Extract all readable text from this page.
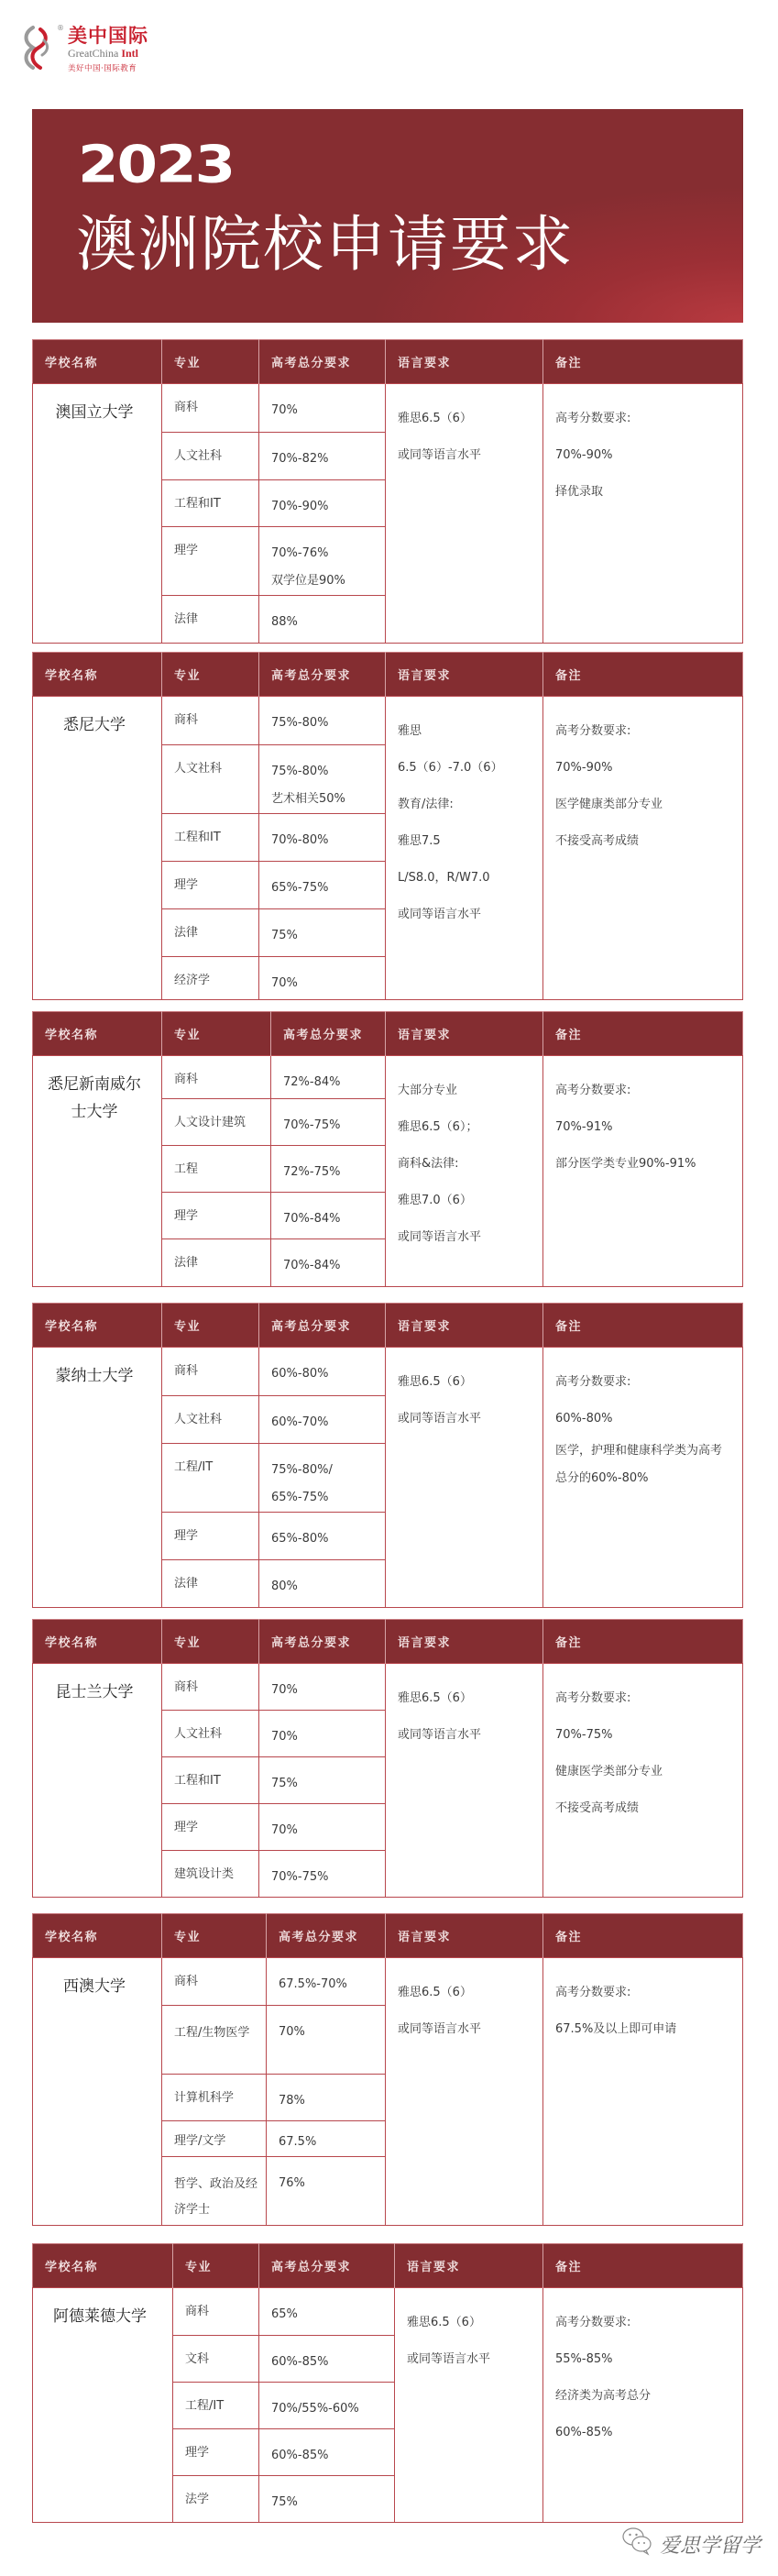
® 美中国际
GreatChina Intl
美好中国·国际教育
2023
澳洲院校申请要求
学校名称	专业	高考总分要求	语言要求	备注
澳国立大学	商科	70%	雅思6.5（6）
或同等语言水平	高考分数要求:
70%-90%
择优录取

	人文社科	70%-82%		

	工程和IT	70%-90%		

	理学	70%-76%
双学位是90%		

	法律	88%		
学校名称	专业	高考总分要求	语言要求	备注
悉尼大学	商科	75%-80%

雅思
6.5（6）-7.0（6）
教育/法律:
雅思7.5
L/S8.0，R/W7.0
或同等语言水平

高考分数要求:
70%-90%
医学健康类部分专业
不接受高考成绩

	人文社科	75%-80%
艺术相关50%		

	工程和IT	70%-80%		

	理学	65%-75%		

	法律	75%		

	经济学	70%		
学校名称	专业	高考总分要求	语言要求	备注

悉尼新南威尔
士大学	商科	72%-84%	大部分专业
雅思6.5（6）；
商科&法律:
雅思7.0（6）
或同等语言水平	高考分数要求:
70%-91%
部分医学类专业90%-91%

	人文设计建筑	70%-75%		

	工程	72%-75%		

	理学	70%-84%		

	法律	70%-84%		
学校名称	专业	高考总分要求	语言要求	备注
蒙纳士大学	商科	60%-80%	雅思6.5（6）
或同等语言水平	高考分数要求:
60%-80%
医学，护理和健康科学类为高考总分的60%-80%

	人文社科	60%-70%		

	工程/IT	75%-80%/
65%-75%		

	理学	65%-80%		

	法律	80%		
学校名称	专业	高考总分要求	语言要求	备注
昆士兰大学	商科	70%	雅思6.5（6）
或同等语言水平	高考分数要求:
70%-75%
健康医学类部分专业
不接受高考成绩

	人文社科	70%		

	工程和IT	75%		

	理学	70%		

	建筑设计类	70%-75%		
学校名称	专业	高考总分要求	语言要求	备注
西澳大学	商科	67.5%-70%	雅思6.5（6）
或同等语言水平	高考分数要求:
67.5%及以上即可申请

	工程/生物医学	70%		

	计算机科学	78%		

	理学/文学	67.5%		

	哲学、政治及经济学士	76%		
学校名称	专业	高考总分要求	语言要求	备注
阿德莱德大学	商科	65%	雅思6.5（6）
或同等语言水平	高考分数要求:
55%-85%
经济类为高考总分
60%-85%

	文科	60%-85%		

	工程/IT	70%/55%-60%		

	理学	60%-85%		

	法学	75%		
爱思学留学
